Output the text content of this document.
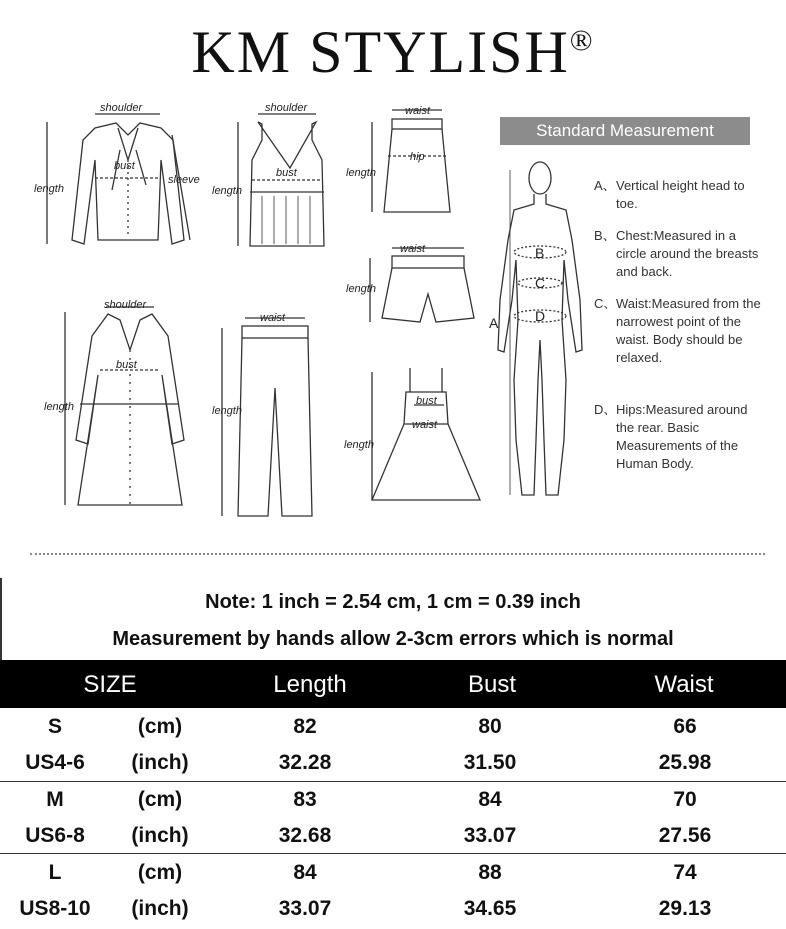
KM STYLISH®
shoulder
bust
length
sleeve
shoulder
bust
length
waist
hip
length
waist
length
shoulder
bust
length
waist
length
bust
waist
length
B
C
D
A
Standard Measurement
A、 Vertical height head to toe.
B、 Chest:Measured in a circle around the breasts and back.
C、 Waist:Measured from the narrowest point of the waist. Body should be relaxed.
D、 Hips:Measured around the rear. Basic Measurements of the Human Body.
Note: 1 inch = 2.54 cm, 1 cm = 0.39 inch
Measurement by hands allow 2-3cm errors which is normal
SIZE	Length	Bust	Waist
S	(cm)	82	80	66
US4-6	(inch)	32.28	31.50	25.98
M	(cm)	83	84	70
US6-8	(inch)	32.68	33.07	27.56
L	(cm)	84	88	74
US8-10	(inch)	33.07	34.65	29.13
